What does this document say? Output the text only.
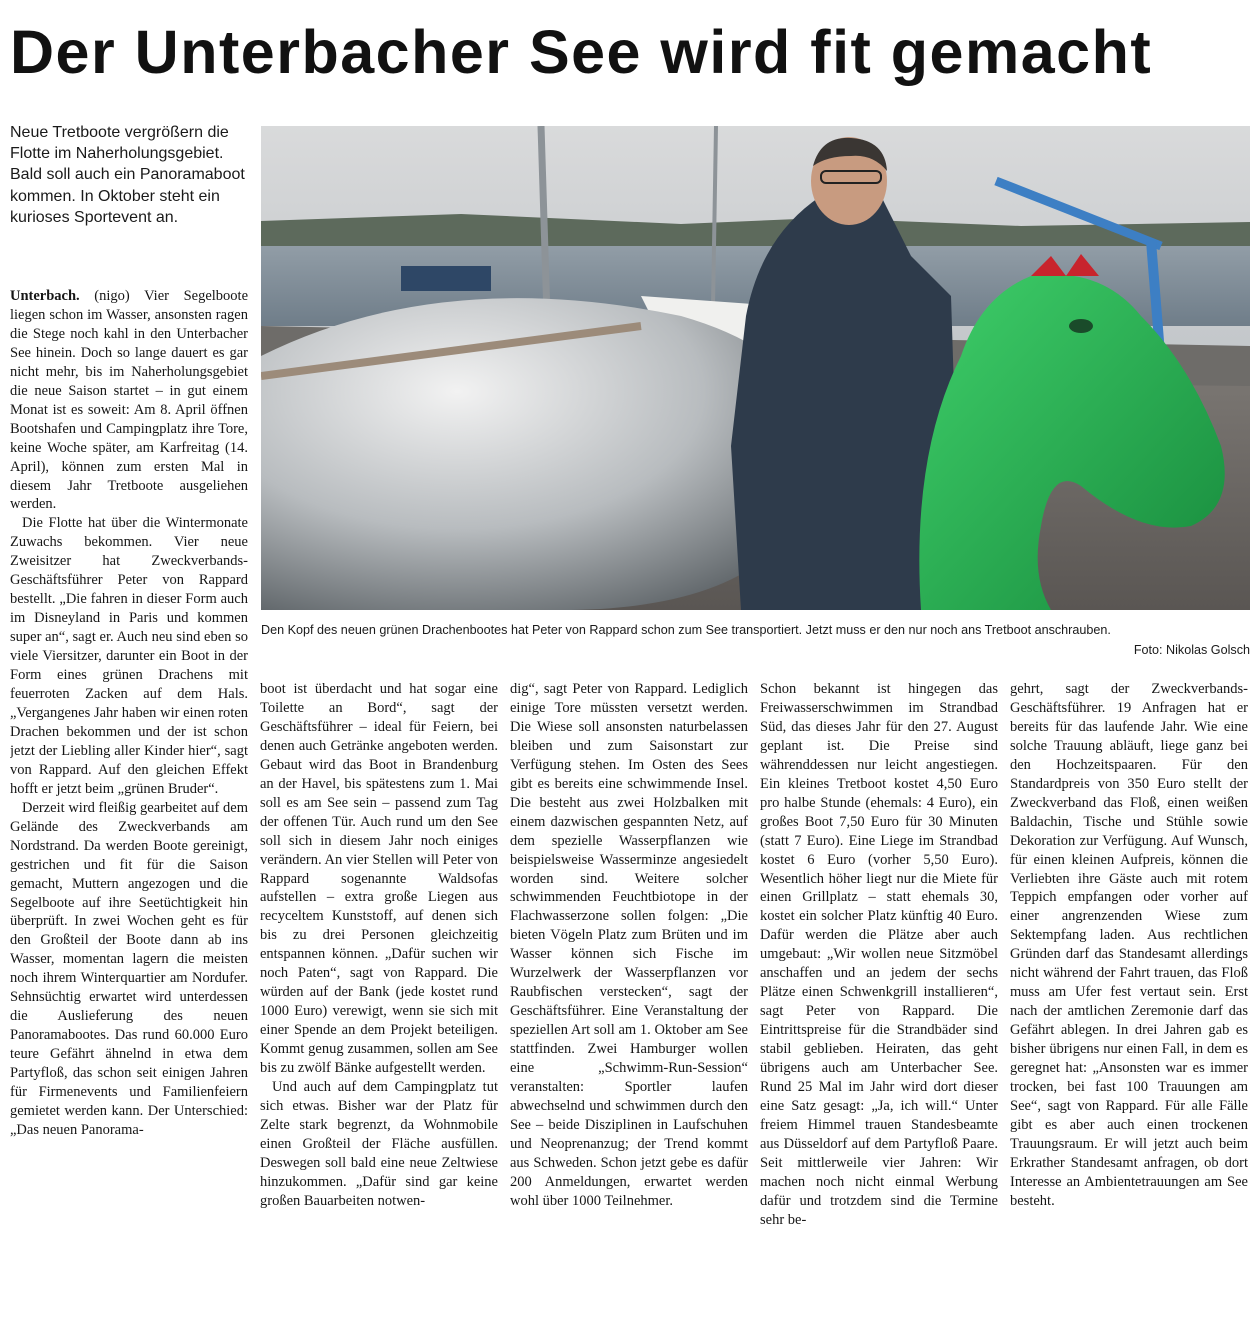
Der Unterbacher See wird fit gemacht
Neue Tretboote vergrößern die Flotte im Naherholungsgebiet. Bald soll auch ein Panoramaboot kommen. In Oktober steht ein kurioses Sportevent an.
Den Kopf des neuen grünen Drachenbootes hat Peter von Rappard schon zum See transportiert. Jetzt muss er den nur noch ans Tretboot anschrauben.
Foto: Nikolas Golsch

Unterbach. (nigo) Vier Segelboote liegen schon im Wasser, ansonsten ragen die Stege noch kahl in den Unterbacher See hinein. Doch so lange dauert es gar nicht mehr, bis im Naherholungsgebiet die neue Saison startet – in gut einem Monat ist es soweit: Am 8. April öffnen Bootshafen und Campingplatz ihre Tore, keine Woche später, am Karfreitag (14. April), können zum ersten Mal in diesem Jahr Tretboote ausgeliehen werden.

Die Flotte hat über die Wintermonate Zuwachs bekommen. Vier neue Zweisitzer hat Zweckverbands-Geschäftsführer Peter von Rappard bestellt. „Die fahren in dieser Form auch im Disneyland in Paris und kommen super an“, sagt er. Auch neu sind eben so viele Viersitzer, darunter ein Boot in der Form eines grünen Drachens mit feuerroten Zacken auf dem Hals. „Vergangenes Jahr haben wir einen roten Drachen bekommen und der ist schon jetzt der Liebling aller Kinder hier“, sagt von Rappard. Auf den gleichen Effekt hofft er jetzt beim „grünen Bruder“.

Derzeit wird fleißig gearbeitet auf dem Gelände des Zweckverbands am Nordstrand. Da werden Boote gereinigt, gestrichen und fit für die Saison gemacht, Muttern angezogen und die Segelboote auf ihre Seetüchtigkeit hin überprüft. In zwei Wochen geht es für den Großteil der Boote dann ab ins Wasser, momentan lagern die meisten noch ihrem Winterquartier am Nordufer. Sehnsüchtig erwartet wird unterdessen die Auslieferung des neuen Panoramabootes. Das rund 60.000 Euro teure Gefährt ähnelnd in etwa dem Partyfloß, das schon seit einigen Jahren für Firmenevents und Familienfeiern gemietet werden kann. Der Unterschied: „Das neuen Panorama-

boot ist überdacht und hat sogar eine Toilette an Bord“, sagt der Geschäftsführer – ideal für Feiern, bei denen auch Getränke angeboten werden. Gebaut wird das Boot in Brandenburg an der Havel, bis spätestens zum 1. Mai soll es am See sein – passend zum Tag der offenen Tür. Auch rund um den See soll sich in diesem Jahr noch einiges verändern. An vier Stellen will Peter von Rappard sogenannte Waldsofas aufstellen – extra große Liegen aus recyceltem Kunststoff, auf denen sich bis zu drei Personen gleichzeitig entspannen können. „Dafür suchen wir noch Paten“, sagt von Rappard. Die würden auf der Bank (jede kostet rund 1000 Euro) verewigt, wenn sie sich mit einer Spende an dem Projekt beteiligen. Kommt genug zusammen, sollen am See bis zu zwölf Bänke aufgestellt werden.

Und auch auf dem Campingplatz tut sich etwas. Bisher war der Platz für Zelte stark begrenzt, da Wohnmobile einen Großteil der Fläche ausfüllen. Deswegen soll bald eine neue Zeltwiese hinzukommen. „Dafür sind gar keine großen Bauarbeiten notwen-

dig“, sagt Peter von Rappard. Lediglich einige Tore müssten versetzt werden. Die Wiese soll ansonsten naturbelassen bleiben und zum Saisonstart zur Verfügung stehen. Im Osten des Sees gibt es bereits eine schwimmende Insel. Die besteht aus zwei Holzbalken mit einem dazwischen gespannten Netz, auf dem spezielle Wasserpflanzen wie beispielsweise Wasserminze angesiedelt worden sind. Weitere solcher schwimmenden Feuchtbiotope in der Flachwasserzone sollen folgen: „Die bieten Vögeln Platz zum Brüten und im Wasser können sich Fische im Wurzelwerk der Wasserpflanzen vor Raubfischen verstecken“, sagt der Geschäftsführer. Eine Veranstaltung der speziellen Art soll am 1. Oktober am See stattfinden. Zwei Hamburger wollen eine „Schwimm-Run-Session“ veranstalten: Sportler laufen abwechselnd und schwimmen durch den See – beide Disziplinen in Laufschuhen und Neoprenanzug; der Trend kommt aus Schweden. Schon jetzt gebe es dafür 200 Anmeldungen, erwartet werden wohl über 1000 Teilnehmer.

Schon bekannt ist hingegen das Freiwasserschwimmen im Strandbad Süd, das dieses Jahr für den 27. August geplant ist. Die Preise sind währenddessen nur leicht angestiegen. Ein kleines Tretboot kostet 4,50 Euro pro halbe Stunde (ehemals: 4 Euro), ein großes Boot 7,50 Euro für 30 Minuten (statt 7 Euro). Eine Liege im Strandbad kostet 6 Euro (vorher 5,50 Euro). Wesentlich höher liegt nur die Miete für einen Grillplatz – statt ehemals 30, kostet ein solcher Platz künftig 40 Euro. Dafür werden die Plätze aber auch umgebaut: „Wir wollen neue Sitzmöbel anschaffen und an jedem der sechs Plätze einen Schwenkgrill installieren“, sagt Peter von Rappard. Die Eintrittspreise für die Strandbäder sind stabil geblieben. Heiraten, das geht übrigens auch am Unterbacher See. Rund 25 Mal im Jahr wird dort dieser eine Satz gesagt: „Ja, ich will.“ Unter freiem Himmel trauen Standesbeamte aus Düsseldorf auf dem Partyfloß Paare. Seit mittlerweile vier Jahren: Wir machen noch nicht einmal Werbung dafür und trotzdem sind die Termine sehr be-

gehrt, sagt der Zweckverbands-Geschäftsführer. 19 Anfragen hat er bereits für das laufende Jahr. Wie eine solche Trauung abläuft, liege ganz bei den Hochzeitspaaren. Für den Standardpreis von 350 Euro stellt der Zweckverband das Floß, einen weißen Baldachin, Tische und Stühle sowie Dekoration zur Verfügung. Auf Wunsch, für einen kleinen Aufpreis, können die Verliebten ihre Gäste auch mit rotem Teppich empfangen oder vorher auf einer angrenzenden Wiese zum Sektempfang laden. Aus rechtlichen Gründen darf das Standesamt allerdings nicht während der Fahrt trauen, das Floß muss am Ufer fest vertaut sein. Erst nach der amtlichen Zeremonie darf das Gefährt ablegen. In drei Jahren gab es bisher übrigens nur einen Fall, in dem es geregnet hat: „Ansonsten war es immer trocken, bei fast 100 Trauungen am See“, sagt von Rappard. Für alle Fälle gibt es aber auch einen trockenen Trauungsraum. Er will jetzt auch beim Erkrather Standesamt anfragen, ob dort Interesse an Ambientetrauungen am See besteht.
